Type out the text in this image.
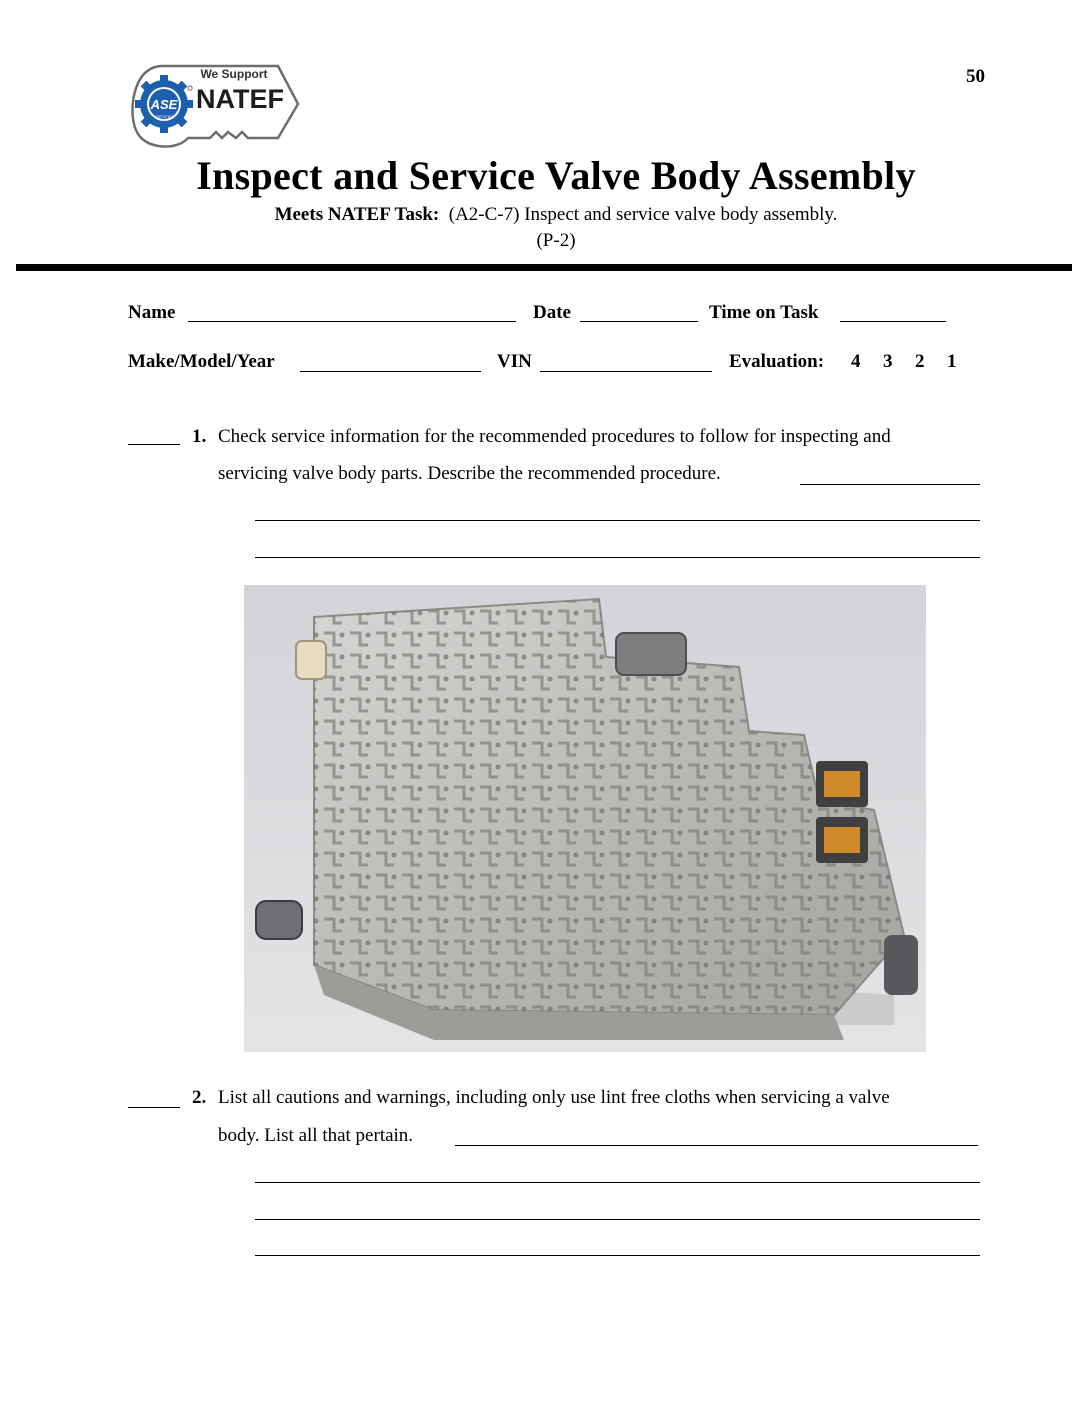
ASE
CERTIFIED
We Support
NATEF
50
Inspect and Service Valve Body Assembly
Meets NATEF Task: (A2-C-7) Inspect and service valve body assembly.
(P-2)
Name	Date	Time on Task
Make/Model/Year	VIN	Evaluation: 4 3 2 1
1. Check service information for the recommended procedures to follow for inspecting and
servicing valve body parts. Describe the recommended procedure.
2. List all cautions and warnings, including only use lint free cloths when servicing a valve
body. List all that pertain.
